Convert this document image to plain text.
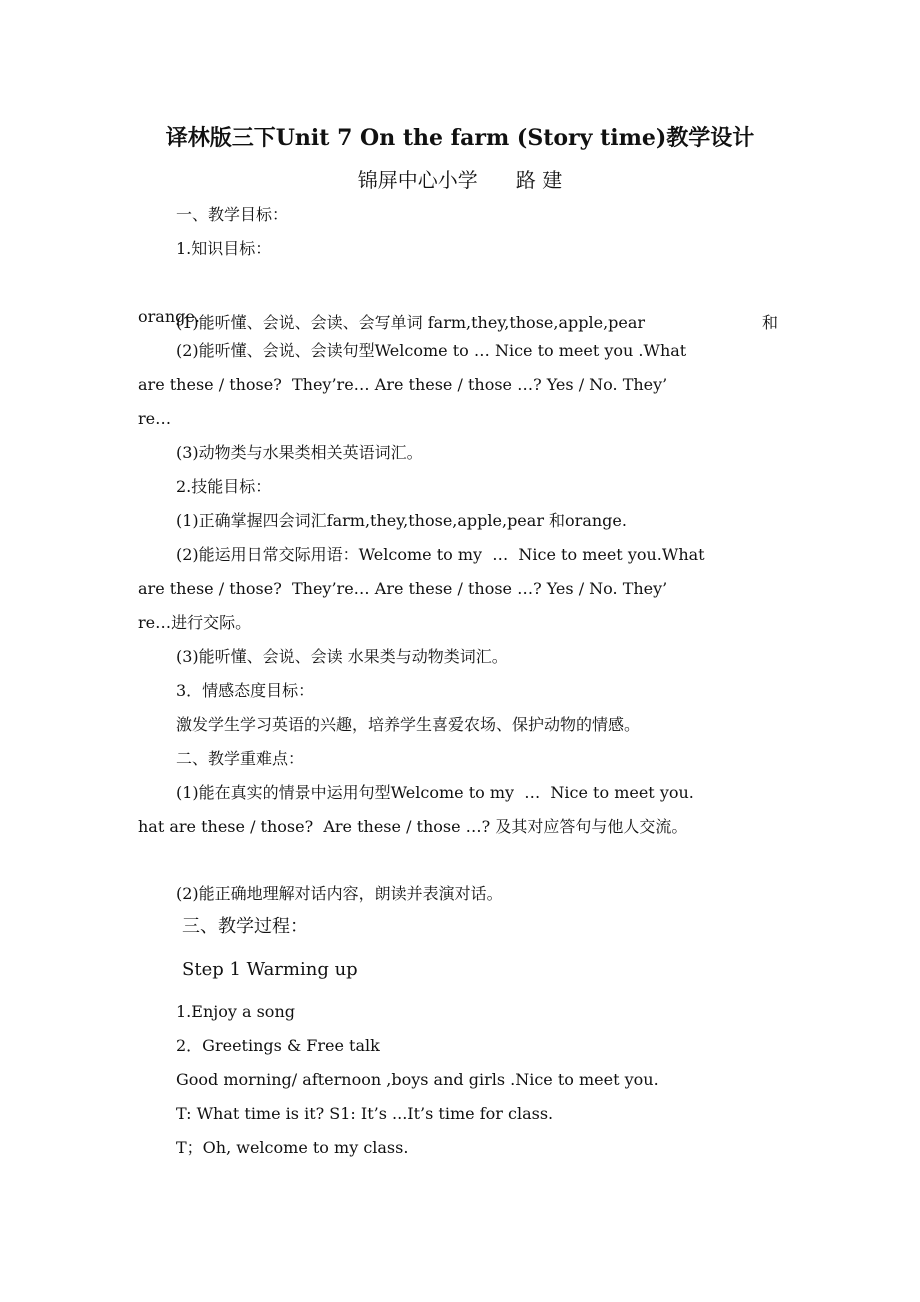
译林版三下Unit 7 On the farm (Story time)教学设计
锦屏中心小学      路 建
一、教学目标：
1.知识目标：

(1)能听懂、会说、会读、会写单词 farm,they,those,apple,pear	和

orange.
(2)能听懂、会说、会读句型Welcome to … Nice to meet you .What
are these / those?  They’re… Are these / those …? Yes / No. They’
re…
(3)动物类与水果类相关英语词汇。
2.技能目标：
(1)正确掌握四会词汇farm,they,those,apple,pear 和orange.
(2)能运用日常交际用语：Welcome to my  …  Nice to meet you.What
are these / those?  They’re… Are these / those …? Yes / No. They’
re…进行交际。
(3)能听懂、会说、会读 水果类与动物类词汇。
3．情感态度目标：
激发学生学习英语的兴趣，培养学生喜爱农场、保护动物的情感。
二、教学重难点：
(1)能在真实的情景中运用句型Welcome to my  …  Nice to meet you.
hat are these / those?  Are these / those …? 及其对应答句与他人交流。
(2)能正确地理解对话内容，朗读并表演对话。
三、教学过程：
Step 1 Warming up
1.Enjoy a song
2．Greetings & Free talk
Good morning/ afternoon ,boys and girls .Nice to meet you.
T: What time is it? S1: It’s ...It’s time for class.
T；Oh, welcome to my class.
